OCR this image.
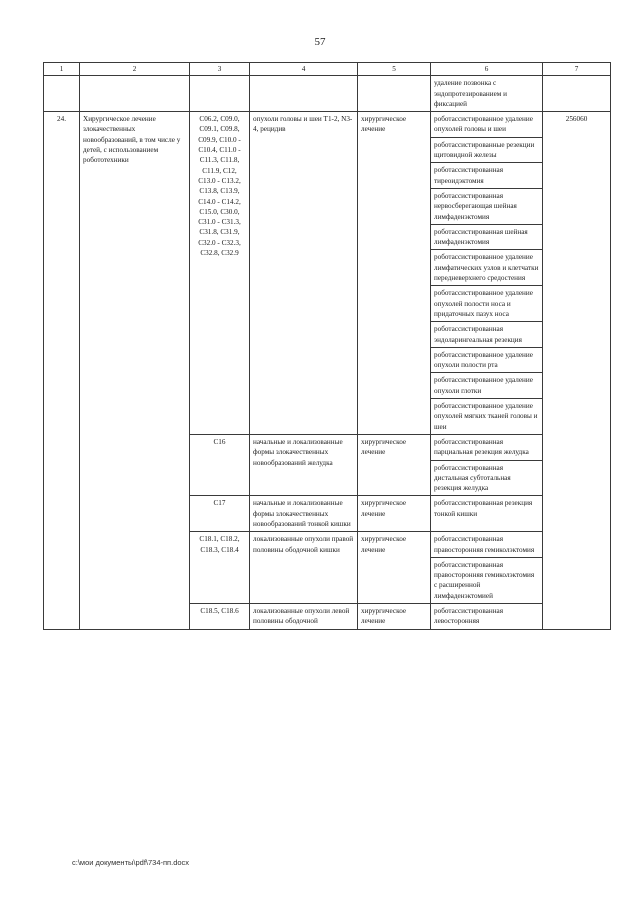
57
1	2	3	4	5	6	7
					удаление позвонка с эндопротезированием и фиксацией	
24.	Хирургическое лечение злокачественных новообразований, в том числе у детей, с использованием робототехники	C06.2, C09.0, C09.1, C09.8, C09.9, C10.0 - C10.4, C11.0 - C11.3, C11.8, C11.9, C12, C13.0 - C13.2, C13.8, C13.9, C14.0 - C14.2, C15.0, C30.0, C31.0 - C31.3, C31.8, C31.9, C32.0 - C32.3, C32.8, C32.9	опухоли головы и шеи T1-2, N3-4, рецидив	хирургическое лечение	роботассистированное удаление опухолей головы и шеи	256060
					роботассистированные резекции щитовидной железы	
					роботассистированная тиреоидэктомия	
					роботассистированная нервосберегающая шейная лимфаденэктомия	
					роботассистированная шейная лимфаденэктомия	
					роботассистированное удаление лимфатических узлов и клетчатки передневерхнего средостения	
					роботассистированное удаление опухолей полости носа и придаточных пазух носа	
					роботассистированная эндоларингеальная резекция	
					роботассистированное удаление опухоли полости рта	
					роботассистированное удаление опухоли глотки	
					роботассистированное удаление опухолей мягких тканей головы и шеи	
		C16	начальные и локализованные формы злокачественных новообразований желудка	хирургическое лечение	роботассистированная парциальная резекция желудка	
					роботассистированная дистальная субтотальная резекция желудка	
		C17	начальные и локализованные формы злокачественных новообразований тонкой кишки	хирургическое лечение	роботассистированная резекция тонкой кишки	
		C18.1, C18.2, C18.3, C18.4	локализованные опухоли правой половины ободочной кишки	хирургическое лечение	роботассистированная правосторонняя гемиколэктомия	
					роботассистированная правосторонняя гемиколэктомия с расширенной лимфаденэктомией	
		C18.5, C18.6	локализованные опухоли левой половины ободочной	хирургическое лечение	роботассистированная левосторонняя	
c:\мои документы\pdf\734-пп.docx
